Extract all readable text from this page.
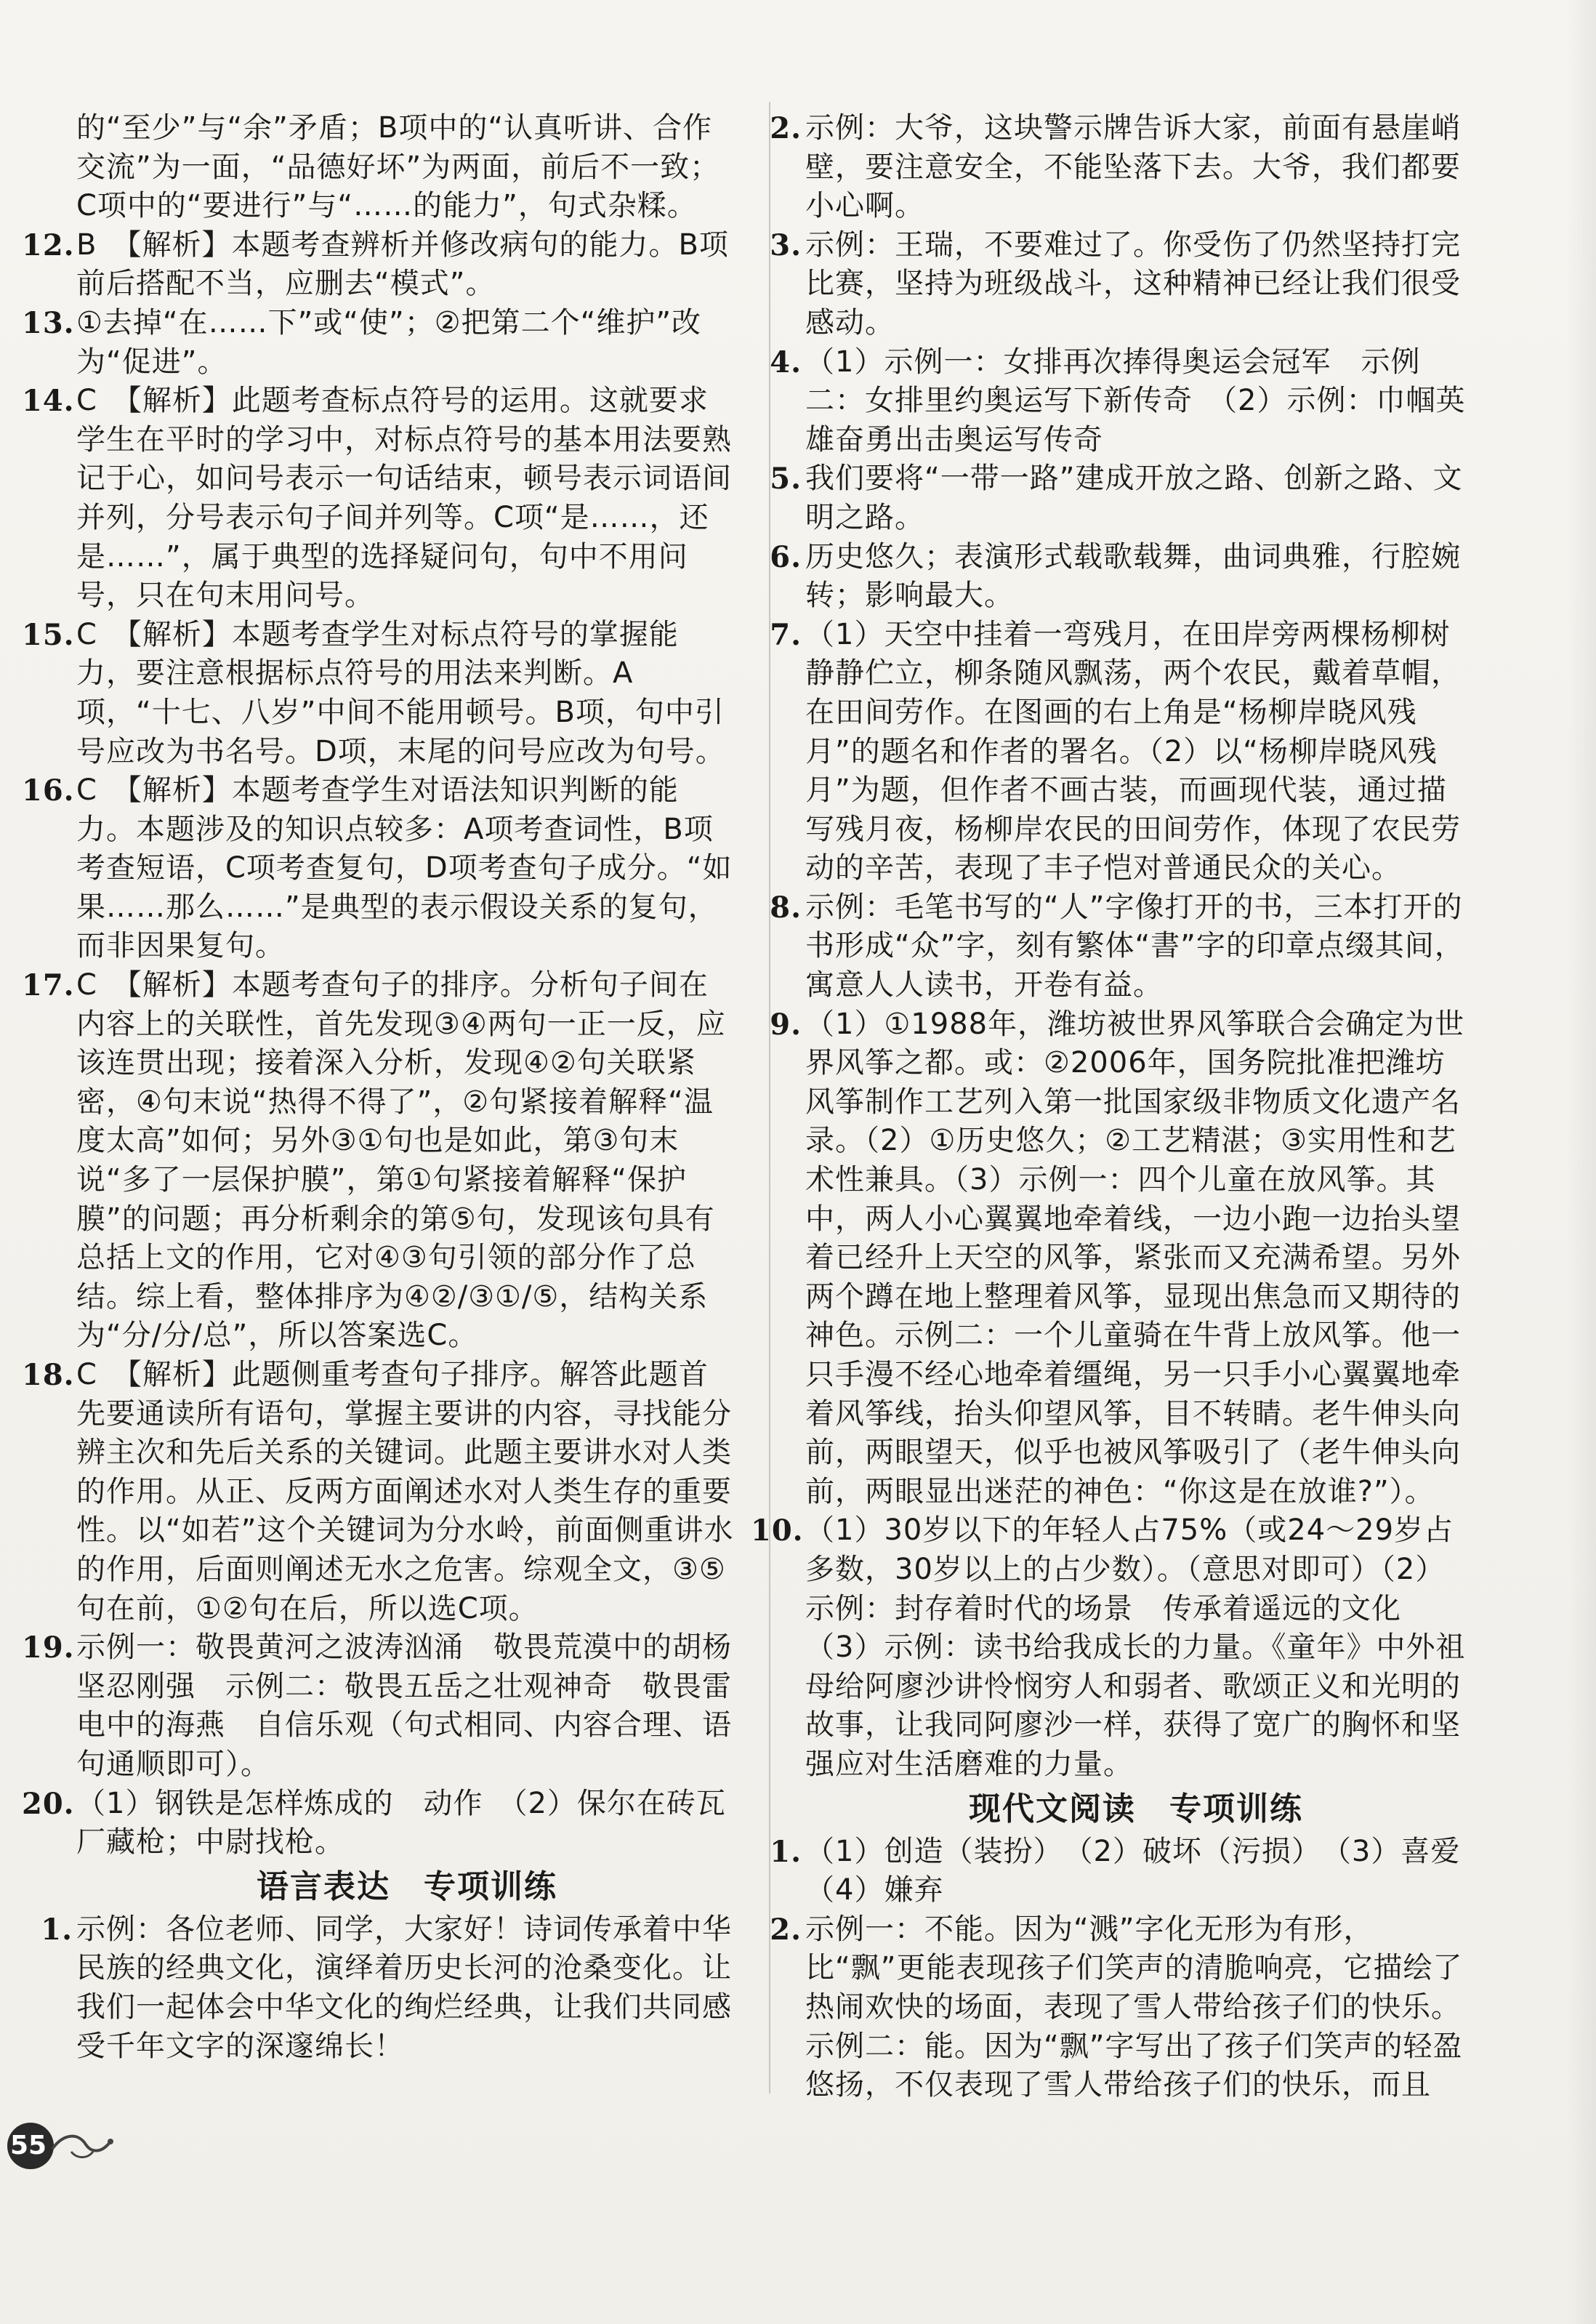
的“至少”与“余”矛盾；B项中的“认真听讲、合作交流”为一面，“品德好坏”为两面，前后不一致；C项中的“要进行”与“……的能力”，句式杂糅。
12. B　【解析】本题考查辨析并修改病句的能力。B项前后搭配不当，应删去“模式”。
13. ①去掉“在……下”或“使”；②把第二个“维护”改为“促进”。
14. C　【解析】此题考查标点符号的运用。这就要求学生在平时的学习中，对标点符号的基本用法要熟记于心，如问号表示一句话结束，顿号表示词语间并列，分号表示句子间并列等。C项“是……，还是……”，属于典型的选择疑问句，句中不用问号，只在句末用问号。
15. C　【解析】本题考查学生对标点符号的掌握能力，要注意根据标点符号的用法来判断。A项，“十七、八岁”中间不能用顿号。B项，句中引号应改为书名号。D项，末尾的问号应改为句号。
16. C　【解析】本题考查学生对语法知识判断的能力。本题涉及的知识点较多：A项考查词性，B项考查短语，C项考查复句，D项考查句子成分。“如果……那么……”是典型的表示假设关系的复句，而非因果复句。
17. C　【解析】本题考查句子的排序。分析句子间在内容上的关联性，首先发现③④两句一正一反，应该连贯出现；接着深入分析，发现④②句关联紧密，④句末说“热得不得了”，②句紧接着解释“温度太高”如何；另外③①句也是如此，第③句末说“多了一层保护膜”，第①句紧接着解释“保护膜”的问题；再分析剩余的第⑤句，发现该句具有总括上文的作用，它对④③句引领的部分作了总结。综上看，整体排序为④②/③①/⑤，结构关系为“分/分/总”，所以答案选C。
18. C　【解析】此题侧重考查句子排序。解答此题首先要通读所有语句，掌握主要讲的内容，寻找能分辨主次和先后关系的关键词。此题主要讲水对人类的作用。从正、反两方面阐述水对人类生存的重要性。以“如若”这个关键词为分水岭，前面侧重讲水的作用，后面则阐述无水之危害。综观全文，③⑤句在前，①②句在后，所以选C项。
19. 示例一：敬畏黄河之波涛汹涌　敬畏荒漠中的胡杨　坚忍刚强　示例二：敬畏五岳之壮观神奇　敬畏雷电中的海燕　自信乐观（句式相同、内容合理、语句通顺即可）。
20. （1）钢铁是怎样炼成的　动作　（2）保尔在砖瓦厂藏枪；中尉找枪。
语言表达　专项训练
1. 示例：各位老师、同学，大家好！诗词传承着中华民族的经典文化，演绎着历史长河的沧桑变化。让我们一起体会中华文化的绚烂经典，让我们共同感受千年文字的深邃绵长！
2. 示例：大爷，这块警示牌告诉大家，前面有悬崖峭壁，要注意安全，不能坠落下去。大爷，我们都要小心啊。
3. 示例：王瑞，不要难过了。你受伤了仍然坚持打完比赛，坚持为班级战斗，这种精神已经让我们很受感动。
4. （1）示例一：女排再次捧得奥运会冠军　示例二：女排里约奥运写下新传奇　（2）示例：巾帼英雄奋勇出击奥运写传奇
5. 我们要将“一带一路”建成开放之路、创新之路、文明之路。
6. 历史悠久；表演形式载歌载舞，曲词典雅，行腔婉转；影响最大。
7. （1）天空中挂着一弯残月，在田岸旁两棵杨柳树静静伫立，柳条随风飘荡，两个农民，戴着草帽，在田间劳作。在图画的右上角是“杨柳岸晓风残月”的题名和作者的署名。（2）以“杨柳岸晓风残月”为题，但作者不画古装，而画现代装，通过描写残月夜，杨柳岸农民的田间劳作，体现了农民劳动的辛苦，表现了丰子恺对普通民众的关心。
8. 示例：毛笔书写的“人”字像打开的书，三本打开的书形成“众”字，刻有繁体“書”字的印章点缀其间，寓意人人读书，开卷有益。
9. （1）①1988年，潍坊被世界风筝联合会确定为世界风筝之都。或：②2006年，国务院批准把潍坊风筝制作工艺列入第一批国家级非物质文化遗产名录。（2）①历史悠久；②工艺精湛；③实用性和艺术性兼具。（3）示例一：四个儿童在放风筝。其中，两人小心翼翼地牵着线，一边小跑一边抬头望着已经升上天空的风筝，紧张而又充满希望。另外两个蹲在地上整理着风筝，显现出焦急而又期待的神色。示例二：一个儿童骑在牛背上放风筝。他一只手漫不经心地牵着缰绳，另一只手小心翼翼地牵着风筝线，抬头仰望风筝，目不转睛。老牛伸头向前，两眼望天，似乎也被风筝吸引了（老牛伸头向前，两眼显出迷茫的神色：“你这是在放谁?”）。
10. （1）30岁以下的年轻人占75%（或24～29岁占多数，30岁以上的占少数）。（意思对即可）（2）示例：封存着时代的场景　传承着遥远的文化　（3）示例：读书给我成长的力量。《童年》中外祖母给阿廖沙讲怜悯穷人和弱者、歌颂正义和光明的故事，让我同阿廖沙一样，获得了宽广的胸怀和坚强应对生活磨难的力量。
现代文阅读　专项训练
1. （1）创造（装扮）　（2）破坏（污损）　（3）喜爱　（4）嫌弃
2. 示例一：不能。因为“溅”字化无形为有形，比“飘”更能表现孩子们笑声的清脆响亮，它描绘了热闹欢快的场面，表现了雪人带给孩子们的快乐。示例二：能。因为“飘”字写出了孩子们笑声的轻盈悠扬，不仅表现了雪人带给孩子们的快乐，而且
55
